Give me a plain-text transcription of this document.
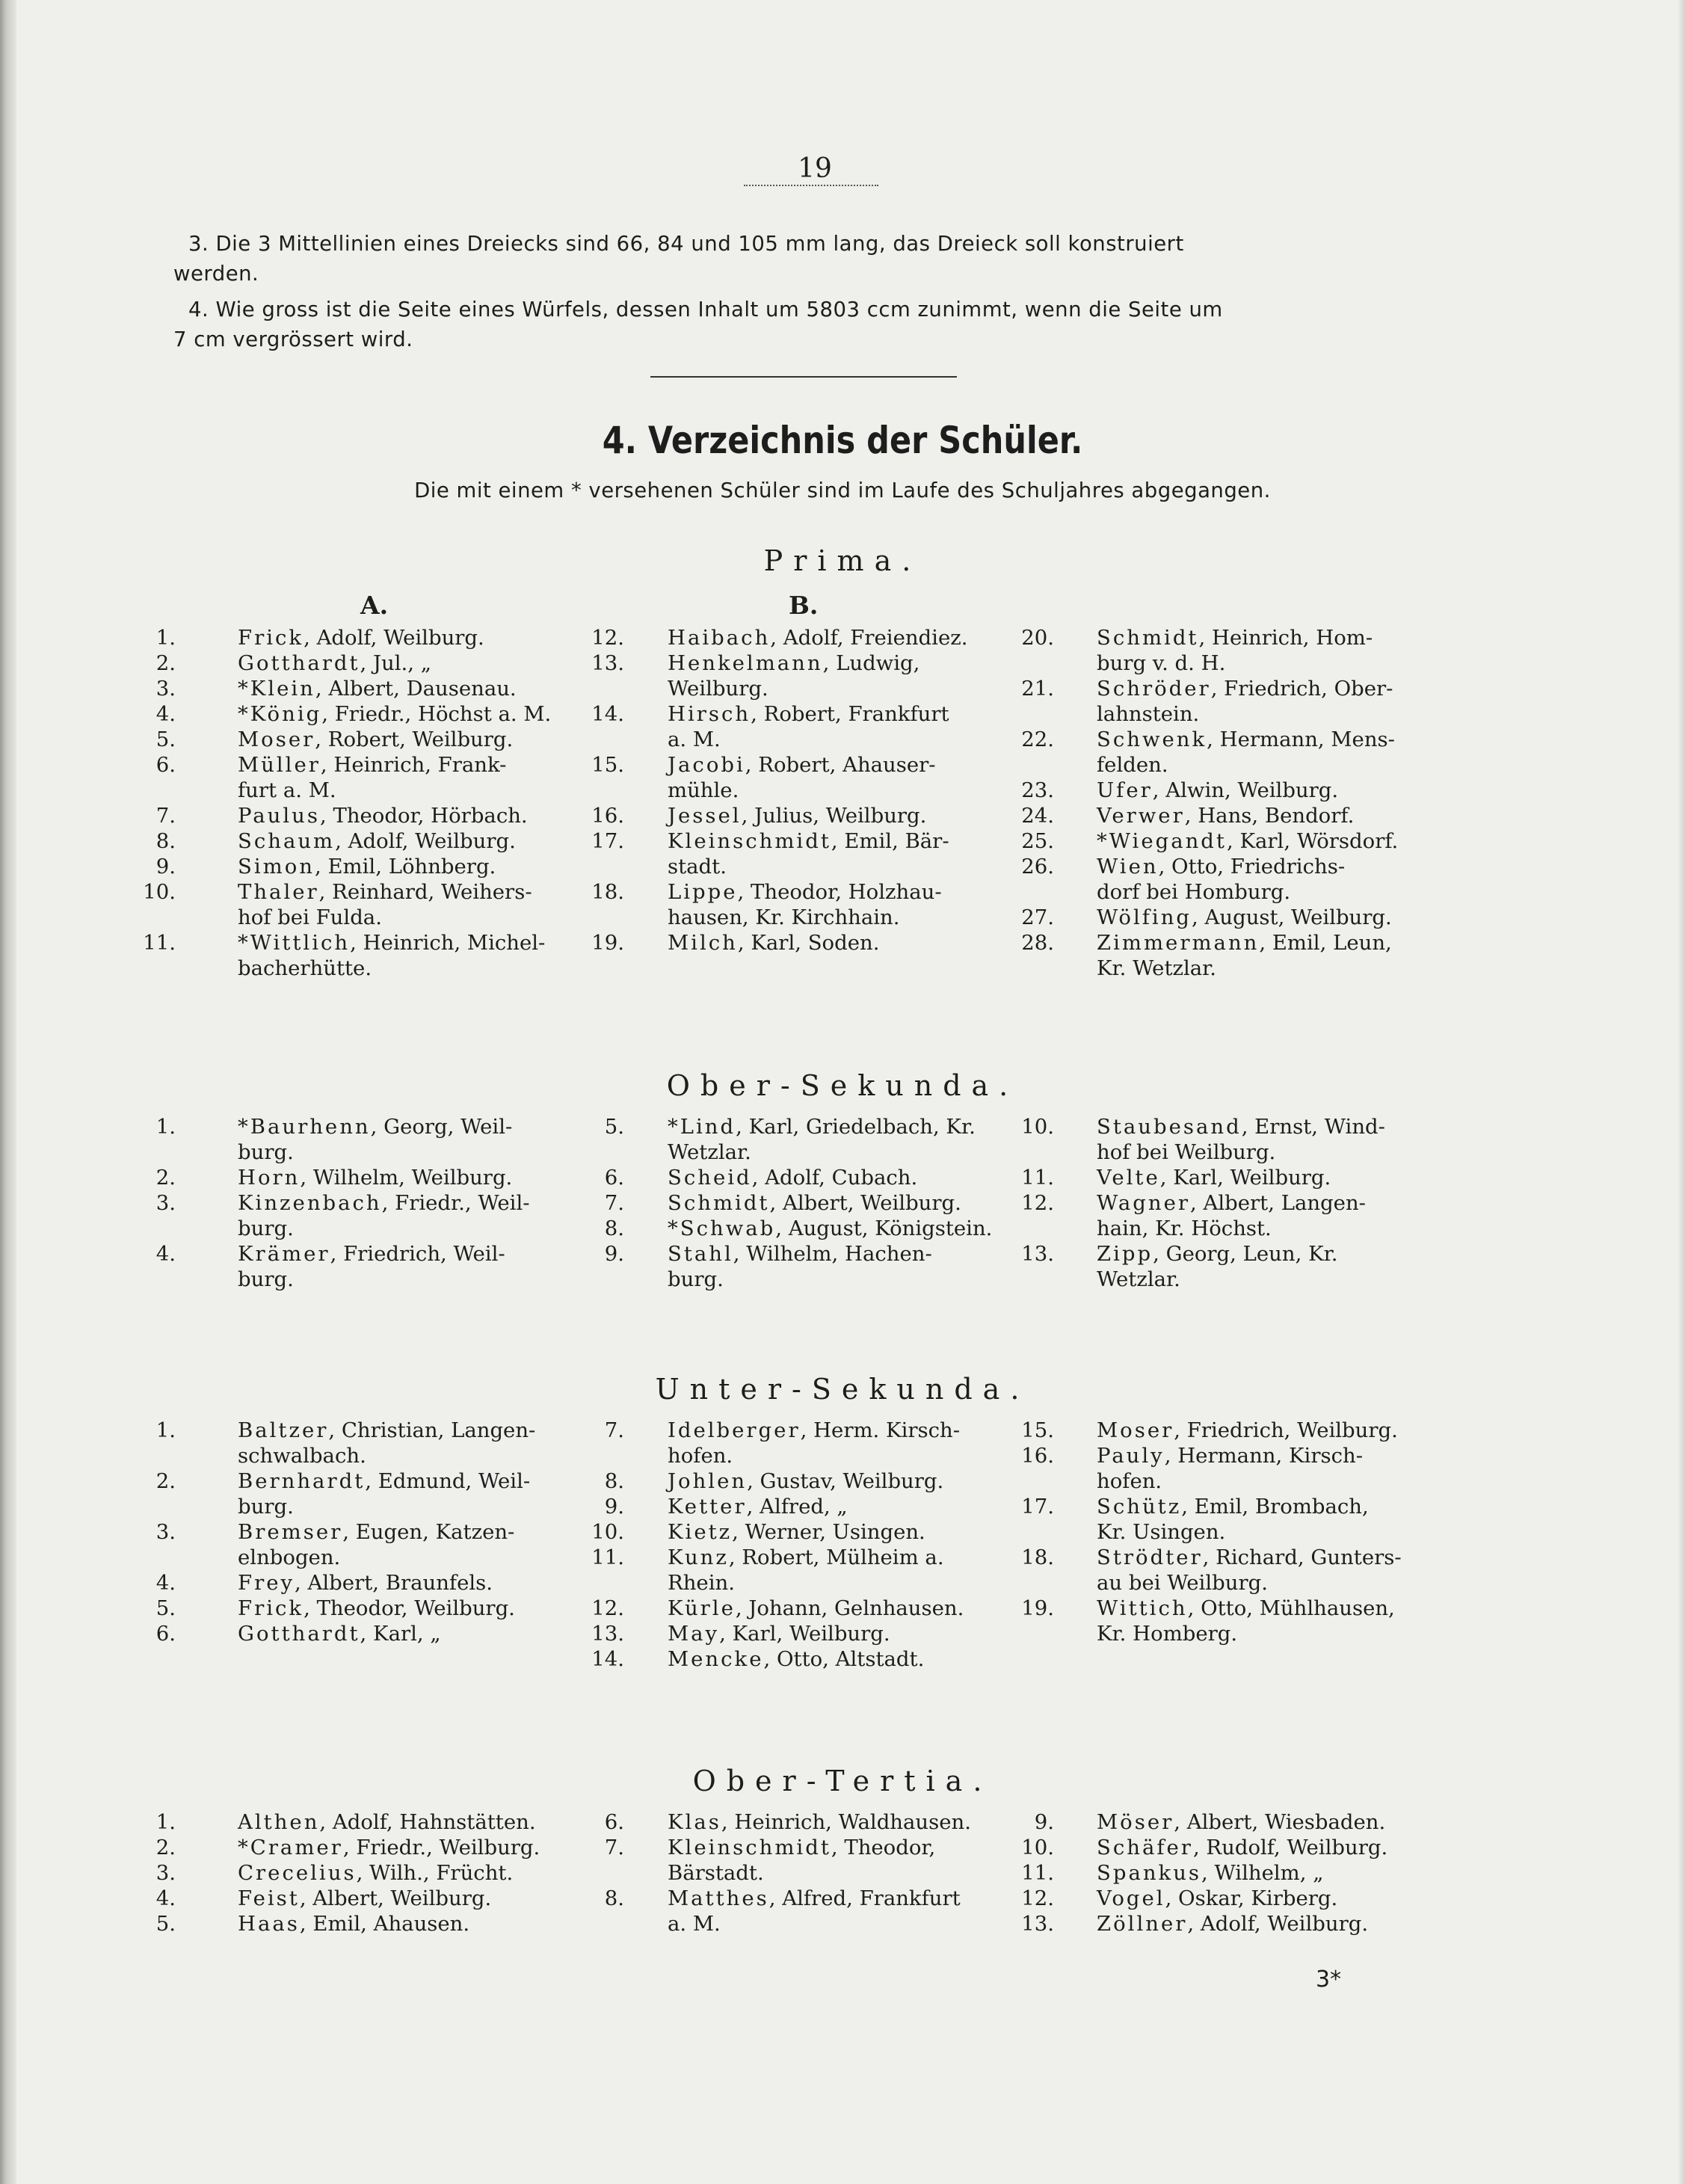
19
3. Die 3 Mittellinien eines Dreiecks sind 66, 84 und 105 mm lang, das Dreieck soll konstruiert
werden.
4. Wie gross ist die Seite eines Würfels, dessen Inhalt um 5803 ccm zunimmt, wenn die Seite um
7 cm vergrössert wird.
4. Verzeichnis der Schüler.
Die mit einem * versehenen Schüler sind im Laufe des Schuljahres abgegangen.
Prima.
A.	B.
1.	Frick, Adolf, Weilburg.
2.	Gotthardt, Jul., „
3.	*Klein, Albert, Dausenau.
4.	*König, Friedr., Höchst a. M.
5.	Moser, Robert, Weilburg.
6.	Müller, Heinrich, Frank-
furt a. M.
7.	Paulus, Theodor, Hörbach.
8.	Schaum, Adolf, Weilburg.
9.	Simon, Emil, Löhnberg.
10.	Thaler, Reinhard, Weihers-
hof bei Fulda.
11.	*Wittlich, Heinrich, Michel-
bacherhütte.
12. Haibach, Adolf, Freiendiez.
13. Henkelmann, Ludwig,
Weilburg.
14. Hirsch, Robert, Frankfurt
a. M.
15. Jacobi, Robert, Ahauser-
mühle.
16. Jessel, Julius, Weilburg.
17. Kleinschmidt, Emil, Bär-
stadt.
18. Lippe, Theodor, Holzhau-
hausen, Kr. Kirchhain.
19. Milch, Karl, Soden.
20. Schmidt, Heinrich, Hom-
burg v. d. H.
21. Schröder, Friedrich, Ober-
lahnstein.
22. Schwenk, Hermann, Mens-
felden.
23. Ufer, Alwin, Weilburg.
24. Verwer, Hans, Bendorf.
25. *Wiegandt, Karl, Wörsdorf.
26. Wien, Otto, Friedrichs-
dorf bei Homburg.
27. Wölfing, August, Weilburg.
28. Zimmermann, Emil, Leun,
Kr. Wetzlar.
Ober-Sekunda.
1.	*Baurhenn, Georg, Weil-
burg.
2.	Horn, Wilhelm, Weilburg.
3.	Kinzenbach, Friedr., Weil-
burg.
4.	Krämer, Friedrich, Weil-
burg.
5. *Lind, Karl, Griedelbach, Kr.
Wetzlar.
6. Scheid, Adolf, Cubach.
7. Schmidt, Albert, Weilburg.
8. *Schwab, August, Königstein.
9. Stahl, Wilhelm, Hachen-
burg.
10. Staubesand, Ernst, Wind-
hof bei Weilburg.
11. Velte, Karl, Weilburg.
12. Wagner, Albert, Langen-
hain, Kr. Höchst.
13. Zipp, Georg, Leun, Kr.
Wetzlar.
Unter-Sekunda.
1.	Baltzer, Christian, Langen-
schwalbach.
2.	Bernhardt, Edmund, Weil-
burg.
3.	Bremser, Eugen, Katzen-
elnbogen.
4.	Frey, Albert, Braunfels.
5.	Frick, Theodor, Weilburg.
6.	Gotthardt, Karl, „
7. Idelberger, Herm. Kirsch-
hofen.
8. Johlen, Gustav, Weilburg.
9. Ketter, Alfred, „
10. Kietz, Werner, Usingen.
11. Kunz, Robert, Mülheim a.
Rhein.
12. Kürle, Johann, Gelnhausen.
13. May, Karl, Weilburg.
14. Mencke, Otto, Altstadt.
15. Moser, Friedrich, Weilburg.
16. Pauly, Hermann, Kirsch-
hofen.
17. Schütz, Emil, Brombach,
Kr. Usingen.
18. Strödter, Richard, Gunters-
au bei Weilburg.
19. Wittich, Otto, Mühlhausen,
Kr. Homberg.
Ober-Tertia.
1.	Althen, Adolf, Hahnstätten.
2.	*Cramer, Friedr., Weilburg.
3.	Crecelius, Wilh., Frücht.
4.	Feist, Albert, Weilburg.
5.	Haas, Emil, Ahausen.
6. Klas, Heinrich, Waldhausen.
7. Kleinschmidt, Theodor,
Bärstadt.
8. Matthes, Alfred, Frankfurt
a. M.
9. Möser, Albert, Wiesbaden.
10. Schäfer, Rudolf, Weilburg.
11. Spankus, Wilhelm, „
12. Vogel, Oskar, Kirberg.
13. Zöllner, Adolf, Weilburg.
3*
